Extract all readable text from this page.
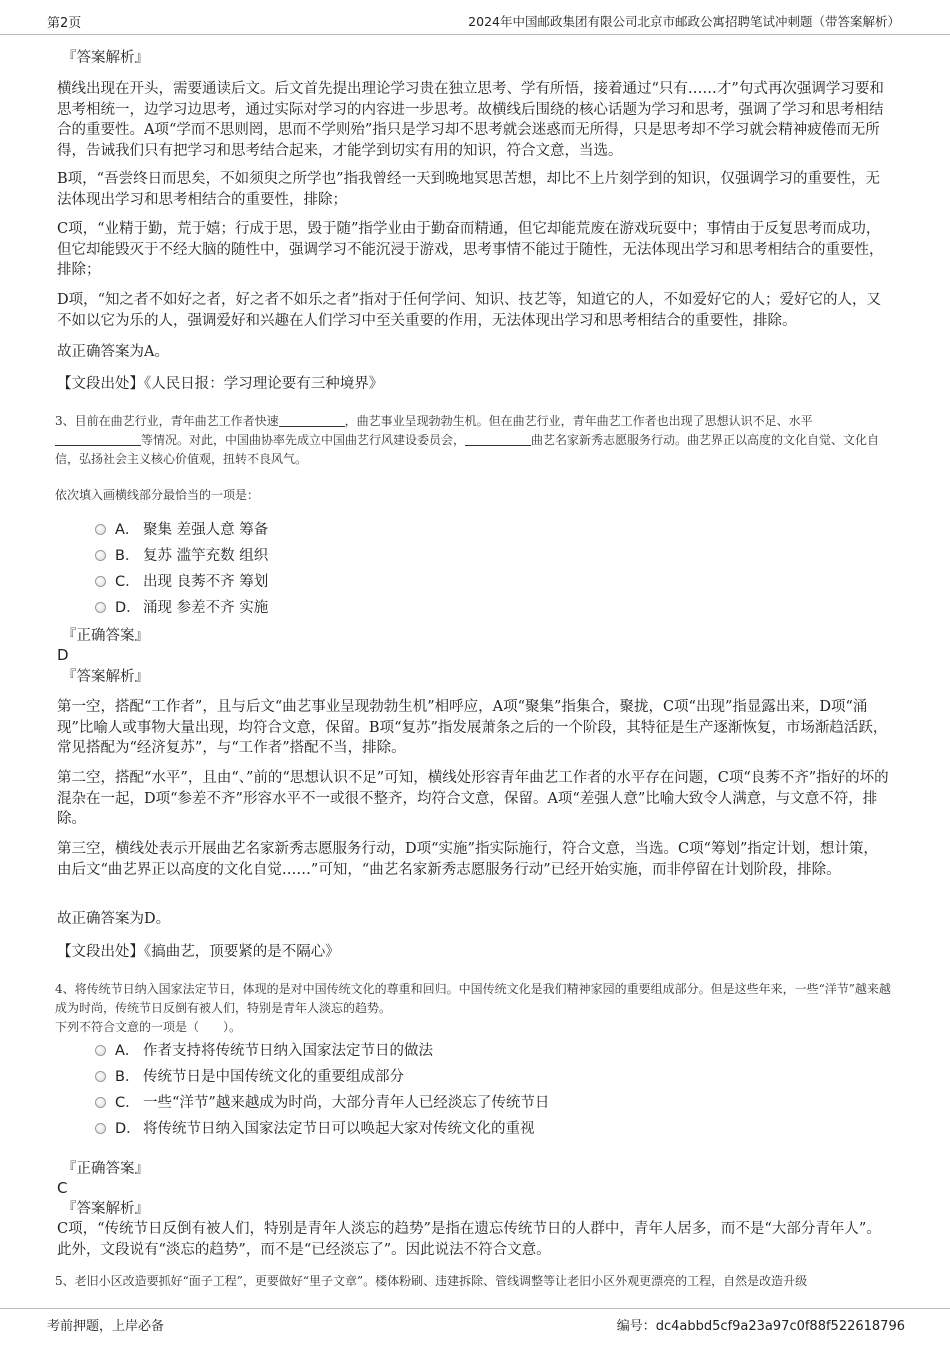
第2页	2024年中国邮政集团有限公司北京市邮政公寓招聘笔试冲刺题（带答案解析）
『答案解析』
横线出现在开头，需要通读后文。后文首先提出理论学习贵在独立思考、学有所悟，接着通过“只有……才”句式再次强调学习要和思考相统一，边学习边思考，通过实际对学习的内容进一步思考。故横线后围绕的核心话题为学习和思考，强调了学习和思考相结合的重要性。A项“学而不思则罔，思而不学则殆”指只是学习却不思考就会迷惑而无所得，只是思考却不学习就会精神疲倦而无所得，告诫我们只有把学习和思考结合起来，才能学到切实有用的知识，符合文意，当选。
B项，“吾尝终日而思矣，不如须臾之所学也”指我曾经一天到晚地冥思苦想，却比不上片刻学到的知识，仅强调学习的重要性，无法体现出学习和思考相结合的重要性，排除；
C项，“业精于勤，荒于嬉；行成于思，毁于随”指学业由于勤奋而精通，但它却能荒废在游戏玩耍中；事情由于反复思考而成功，但它却能毁灭于不经大脑的随性中，强调学习不能沉浸于游戏，思考事情不能过于随性，无法体现出学习和思考相结合的重要性，排除；
D项，“知之者不如好之者，好之者不如乐之者”指对于任何学问、知识、技艺等，知道它的人，不如爱好它的人；爱好它的人，又不如以它为乐的人，强调爱好和兴趣在人们学习中至关重要的作用，无法体现出学习和思考相结合的重要性，排除。
故正确答案为A。
【文段出处】《人民日报：学习理论要有三种境界》
3、目前在曲艺行业，青年曲艺工作者快速	，曲艺事业呈现勃勃生机。但在曲艺行业，青年曲艺工作者也出现了思想认识不足、水平等情况。对此，中国曲协率先成立中国曲艺行风建设委员会，	曲艺名家新秀志愿服务行动。曲艺界正以高度的文化自觉、文化自信，弘扬社会主义核心价值观，扭转不良风气。
依次填入画横线部分最恰当的一项是：
A． 聚集 差强人意 筹备
B． 复苏 滥竽充数 组织
C． 出现 良莠不齐 筹划
D． 涌现 参差不齐 实施
『正确答案』
D
『答案解析』
第一空，搭配“工作者”，且与后文“曲艺事业呈现勃勃生机”相呼应，A项“聚集”指集合，聚拢，C项“出现”指显露出来，D项“涌现”比喻人或事物大量出现，均符合文意，保留。B项“复苏”指发展萧条之后的一个阶段，其特征是生产逐渐恢复，市场渐趋活跃，常见搭配为“经济复苏”，与“工作者”搭配不当，排除。
第二空，搭配“水平”，且由“、”前的“思想认识不足”可知，横线处形容青年曲艺工作者的水平存在问题，C项“良莠不齐”指好的坏的混杂在一起，D项“参差不齐”形容水平不一或很不整齐，均符合文意，保留。A项“差强人意”比喻大致令人满意，与文意不符，排除。
第三空，横线处表示开展曲艺名家新秀志愿服务行动，D项“实施”指实际施行，符合文意，当选。C项“筹划”指定计划，想计策，由后文“曲艺界正以高度的文化自觉……”可知，“曲艺名家新秀志愿服务行动”已经开始实施，而非停留在计划阶段，排除。
故正确答案为D。
【文段出处】《搞曲艺，顶要紧的是不隔心》
4、将传统节日纳入国家法定节日，体现的是对中国传统文化的尊重和回归。中国传统文化是我们精神家园的重要组成部分。但是这些年来，一些“洋节”越来越成为时尚，传统节日反倒有被人们，特别是青年人淡忘的趋势。
下列不符合文意的一项是（　　）。
A． 作者支持将传统节日纳入国家法定节日的做法
B． 传统节日是中国传统文化的重要组成部分
C． 一些“洋节”越来越成为时尚，大部分青年人已经淡忘了传统节日
D． 将传统节日纳入国家法定节日可以唤起大家对传统文化的重视
『正确答案』
C
『答案解析』
C项，“传统节日反倒有被人们，特别是青年人淡忘的趋势”是指在遗忘传统节日的人群中，青年人居多，而不是“大部分青年人”。此外，文段说有“淡忘的趋势”，而不是“已经淡忘了”。因此说法不符合文意。
5、老旧小区改造要抓好“面子工程”，更要做好“里子文章”。楼体粉刷、违建拆除、管线调整等让老旧小区外观更漂亮的工程，自然是改造升级
考前押题，上岸必备	编号：dc4abbd5cf9a23a97c0f88f522618796
